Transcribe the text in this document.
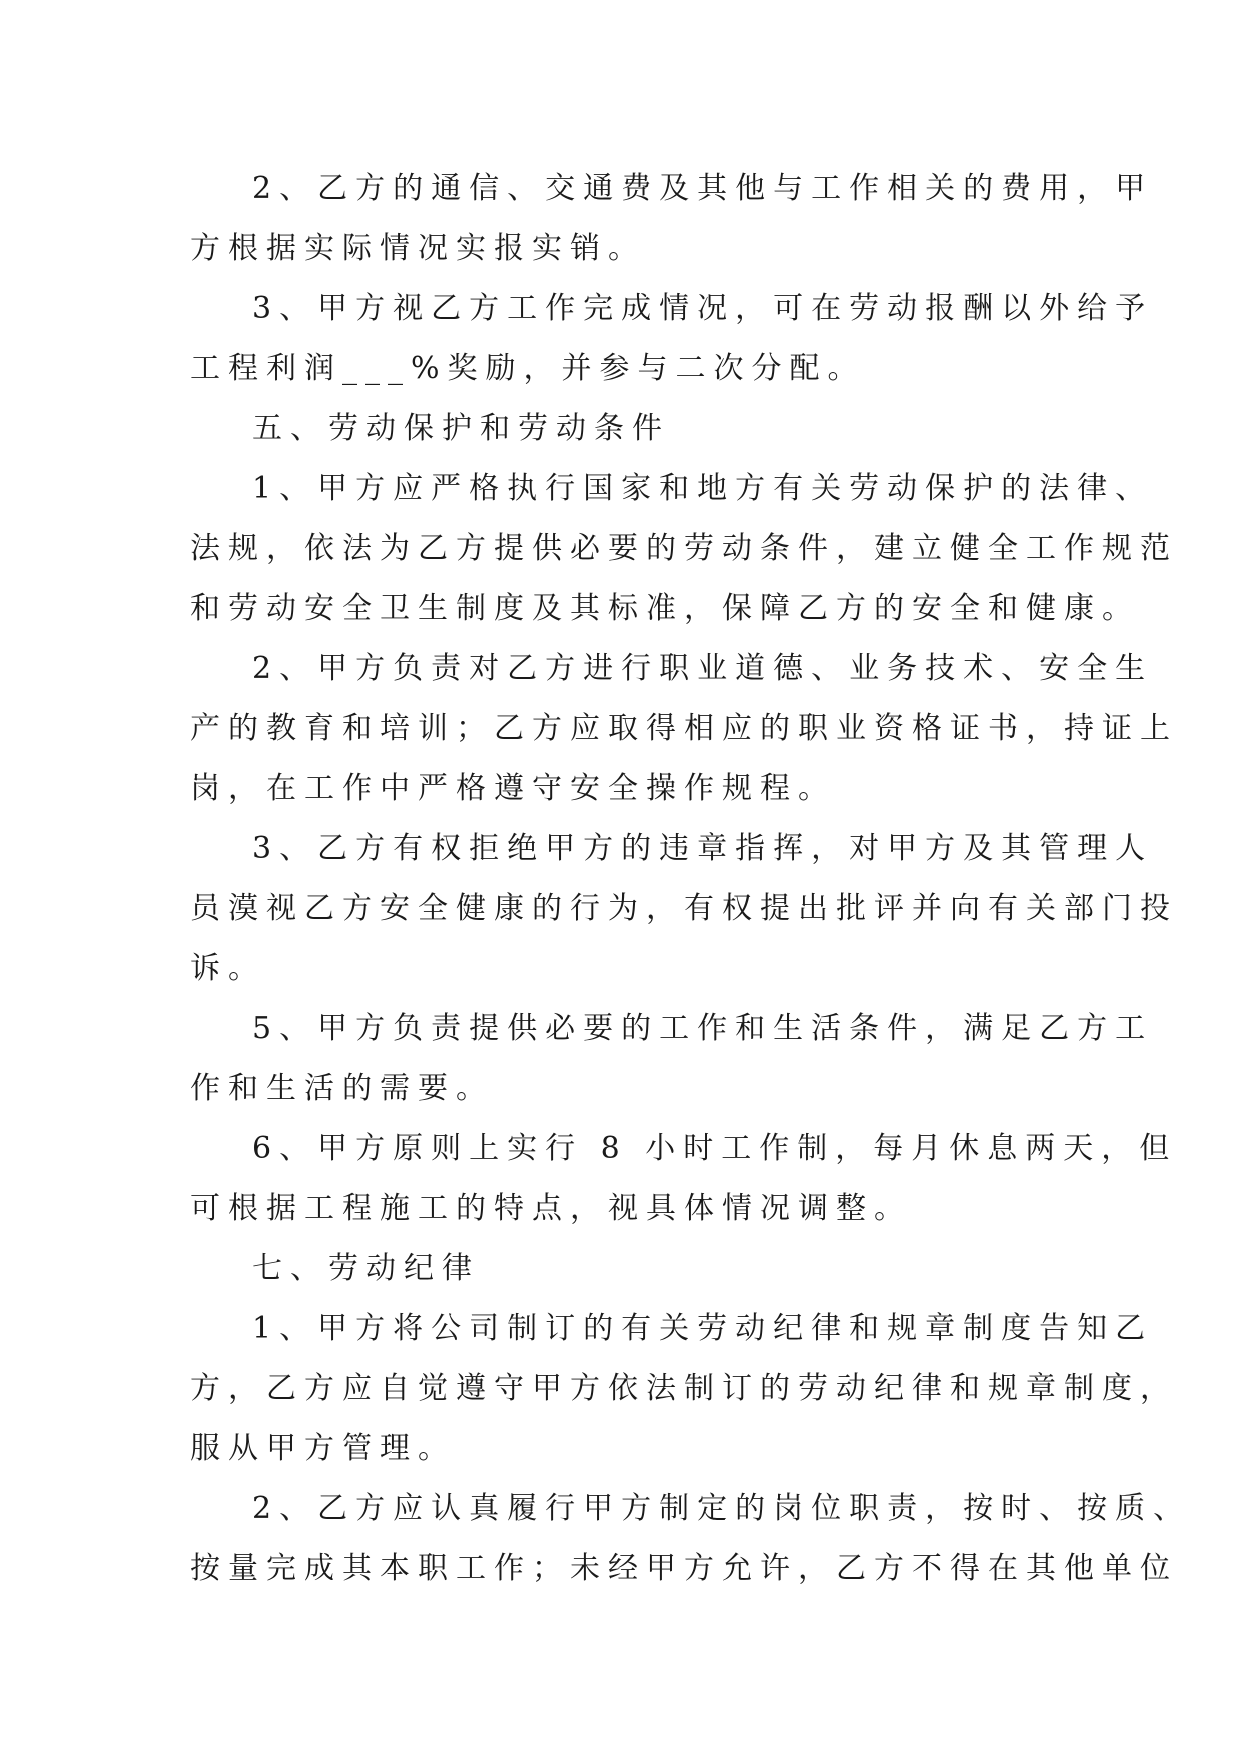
2、乙方的通信、交通费及其他与工作相关的费用，甲
方根据实际情况实报实销。
3、甲方视乙方工作完成情况，可在劳动报酬以外给予
工程利润___%奖励，并参与二次分配。
五、劳动保护和劳动条件
1、甲方应严格执行国家和地方有关劳动保护的法律、
法规，依法为乙方提供必要的劳动条件，建立健全工作规范
和劳动安全卫生制度及其标准，保障乙方的安全和健康。
2、甲方负责对乙方进行职业道德、业务技术、安全生
产的教育和培训；乙方应取得相应的职业资格证书，持证上
岗，在工作中严格遵守安全操作规程。
3、乙方有权拒绝甲方的违章指挥，对甲方及其管理人
员漠视乙方安全健康的行为，有权提出批评并向有关部门投
诉。
5、甲方负责提供必要的工作和生活条件，满足乙方工
作和生活的需要。
6、甲方原则上实行 8 小时工作制，每月休息两天，但
可根据工程施工的特点，视具体情况调整。
七、劳动纪律
1、甲方将公司制订的有关劳动纪律和规章制度告知乙
方，乙方应自觉遵守甲方依法制订的劳动纪律和规章制度，
服从甲方管理。
2、乙方应认真履行甲方制定的岗位职责，按时、按质、
按量完成其本职工作；未经甲方允许，乙方不得在其他单位
